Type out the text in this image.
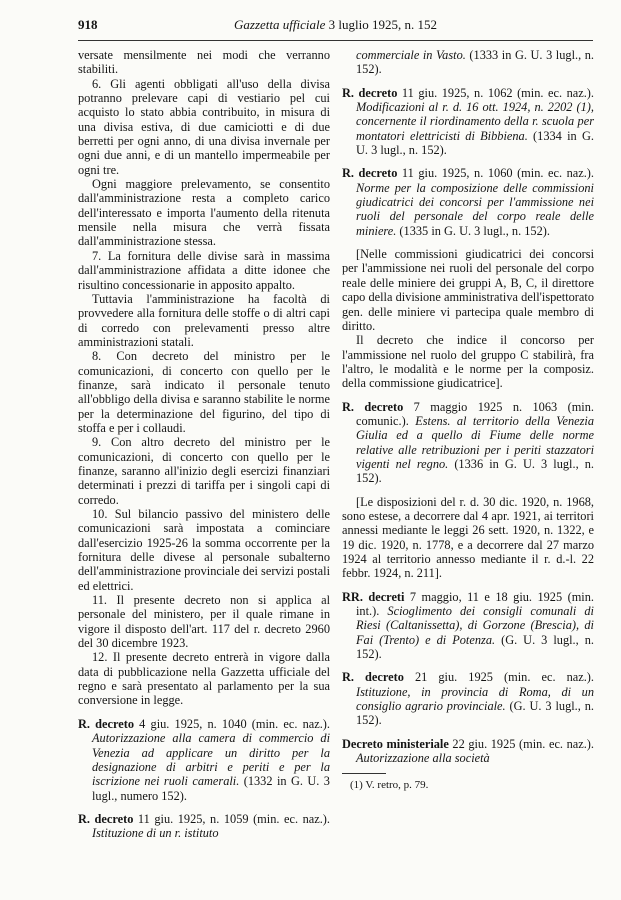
918	Gazzetta ufficiale 3 luglio 1925, n. 152

versate mensilmente nei modi che verranno stabiliti.

6. Gli agenti obbligati all'uso della divisa potranno prelevare capi di vestiario pel cui acquisto lo stato abbia contribuito, in misura di una divisa estiva, di due camiciotti e di due berretti per ogni anno, di una divisa invernale per ogni due anni, e di un mantello impermeabile per ogni tre.

Ogni maggiore prelevamento, se consentito dall'amministrazione resta a completo carico dell'interessato e importa l'aumento della ritenuta mensile nella misura che verrà fissata dall'amministrazione stessa.

7. La fornitura delle divise sarà in massima dall'amministrazione affidata a ditte idonee che risultino concessionarie in apposito appalto.

Tuttavia l'amministrazione ha facoltà di provvedere alla fornitura delle stoffe o di altri capi di corredo con prelevamenti presso altre amministrazioni statali.

8. Con decreto del ministro per le comunicazioni, di concerto con quello per le finanze, sarà indicato il personale tenuto all'obbligo della divisa e saranno stabilite le norme per la determinazione del figurino, del tipo di stoffa e per i collaudi.

9. Con altro decreto del ministro per le comunicazioni, di concerto con quello per le finanze, saranno all'inizio degli esercizi finanziari determinati i prezzi di tariffa per i singoli capi di corredo.

10. Sul bilancio passivo del ministero delle comunicazioni sarà impostata a cominciare dall'esercizio 1925-26 la somma occorrente per la fornitura delle divese al personale subalterno dell'amministrazione provinciale dei servizi postali ed elettrici.

11. Il presente decreto non si applica al personale del ministero, per il quale rimane in vigore il disposto dell'art. 117 del r. decreto 2960 del 30 dicembre 1923.

12. Il presente decreto entrerà in vigore dalla data di pubblicazione nella Gazzetta ufficiale del regno e sarà presentato al parlamento per la sua conversione in legge.

R. decreto 4 giu. 1925, n. 1040 (min. ec. naz.). Autorizzazione alla camera di commercio di Venezia ad applicare un diritto per la designazione di arbitri e periti e per la iscrizione nei ruoli camerali. (1332 in G. U. 3 lugl., numero 152).

R. decreto 11 giu. 1925, n. 1059 (min. ec. naz.). Istituzione di un r. istituto

commerciale in Vasto. (1333 in G. U. 3 lugl., n. 152).

R. decreto 11 giu. 1925, n. 1062 (min. ec. naz.). Modificazioni al r. d. 16 ott. 1924, n. 2202 (1), concernente il riordinamento della r. scuola per montatori elettricisti di Bibbiena. (1334 in G. U. 3 lugl., n. 152).

R. decreto 11 giu. 1925, n. 1060 (min. ec. naz.). Norme per la composizione delle commissioni giudicatrici dei concorsi per l'ammissione nei ruoli del personale del corpo reale delle miniere. (1335 in G. U. 3 lugl., n. 152).

[Nelle commissioni giudicatrici dei concorsi per l'ammissione nei ruoli del personale del corpo reale delle miniere dei gruppi A, B, C, il direttore capo della divisione amministrativa dell'ispettorato gen. delle miniere vi partecipa quale membro di diritto.

Il decreto che indice il concorso per l'ammissione nel ruolo del gruppo C stabilirà, fra l'altro, le modalità e le norme per la composiz. della commissione giudicatrice].

R. decreto 7 maggio 1925 n. 1063 (min. comunic.). Estens. al territorio della Venezia Giulia ed a quello di Fiume delle norme relative alle retribuzioni per i periti stazzatori vigenti nel regno. (1336 in G. U. 3 lugl., n. 152).

[Le disposizioni del r. d. 30 dic. 1920, n. 1968, sono estese, a decorrere dal 4 apr. 1921, ai territori annessi mediante le leggi 26 sett. 1920, n. 1322, e 19 dic. 1920, n. 1778, e a decorrere dal 27 marzo 1924 al territorio annesso mediante il r. d.-l. 22 febbr. 1924, n. 211].

RR. decreti 7 maggio, 11 e 18 giu. 1925 (min. int.). Scioglimento dei consigli comunali di Riesi (Caltanissetta), di Gorzone (Brescia), di Fai (Trento) e di Potenza. (G. U. 3 lugl., n. 152).

R. decreto 21 giu. 1925 (min. ec. naz.). Istituzione, in provincia di Roma, di un consiglio agrario provinciale. (G. U. 3 lugl., n. 152).

Decreto ministeriale 22 giu. 1925 (min. ec. naz.). Autorizzazione alla società

(1) V. retro, p. 79.
